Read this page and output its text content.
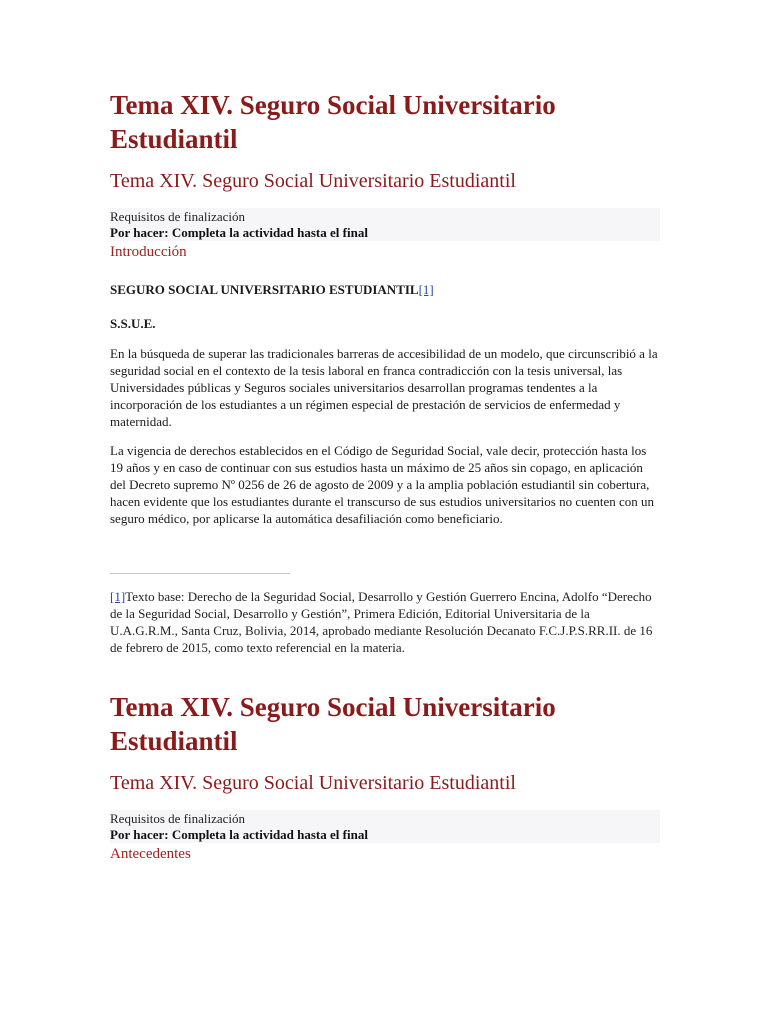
Tema XIV. Seguro Social Universitario Estudiantil
Tema XIV. Seguro Social Universitario Estudiantil
Requisitos de finalización
Por hacer: Completa la actividad hasta el final
Introducción
SEGURO SOCIAL UNIVERSITARIO ESTUDIANTIL[1]
S.S.U.E.

En la búsqueda de superar las tradicionales barreras de accesibilidad de un modelo, que circunscribió a la seguridad social en el contexto de la tesis laboral en franca contradicción con la tesis universal, las Universidades públicas y Seguros sociales universitarios desarrollan programas tendentes a la incorporación de los estudiantes a un régimen especial de prestación de servicios de enfermedad y maternidad.

La vigencia de derechos establecidos en el Código de Seguridad Social, vale decir, protección hasta los 19 años y en caso de continuar con sus estudios hasta un máximo de 25 años sin copago, en aplicación del Decreto supremo Nº 0256 de 26 de agosto de 2009 y a la amplia población estudiantil sin cobertura, hacen evidente que los estudiantes durante el transcurso de sus estudios universitarios no cuenten con un seguro médico, por aplicarse la automática desafiliación como beneficiario.

[1]Texto base: Derecho de la Seguridad Social, Desarrollo y Gestión Guerrero Encina, Adolfo “Derecho de la Seguridad Social, Desarrollo y Gestión”, Primera Edición, Editorial Universitaria de la U.A.G.R.M., Santa Cruz, Bolivia, 2014, aprobado mediante Resolución Decanato F.C.J.P.S.RR.II. de 16 de febrero de 2015, como texto referencial en la materia.

Tema XIV. Seguro Social Universitario Estudiantil
Tema XIV. Seguro Social Universitario Estudiantil
Requisitos de finalización
Por hacer: Completa la actividad hasta el final
Antecedentes
